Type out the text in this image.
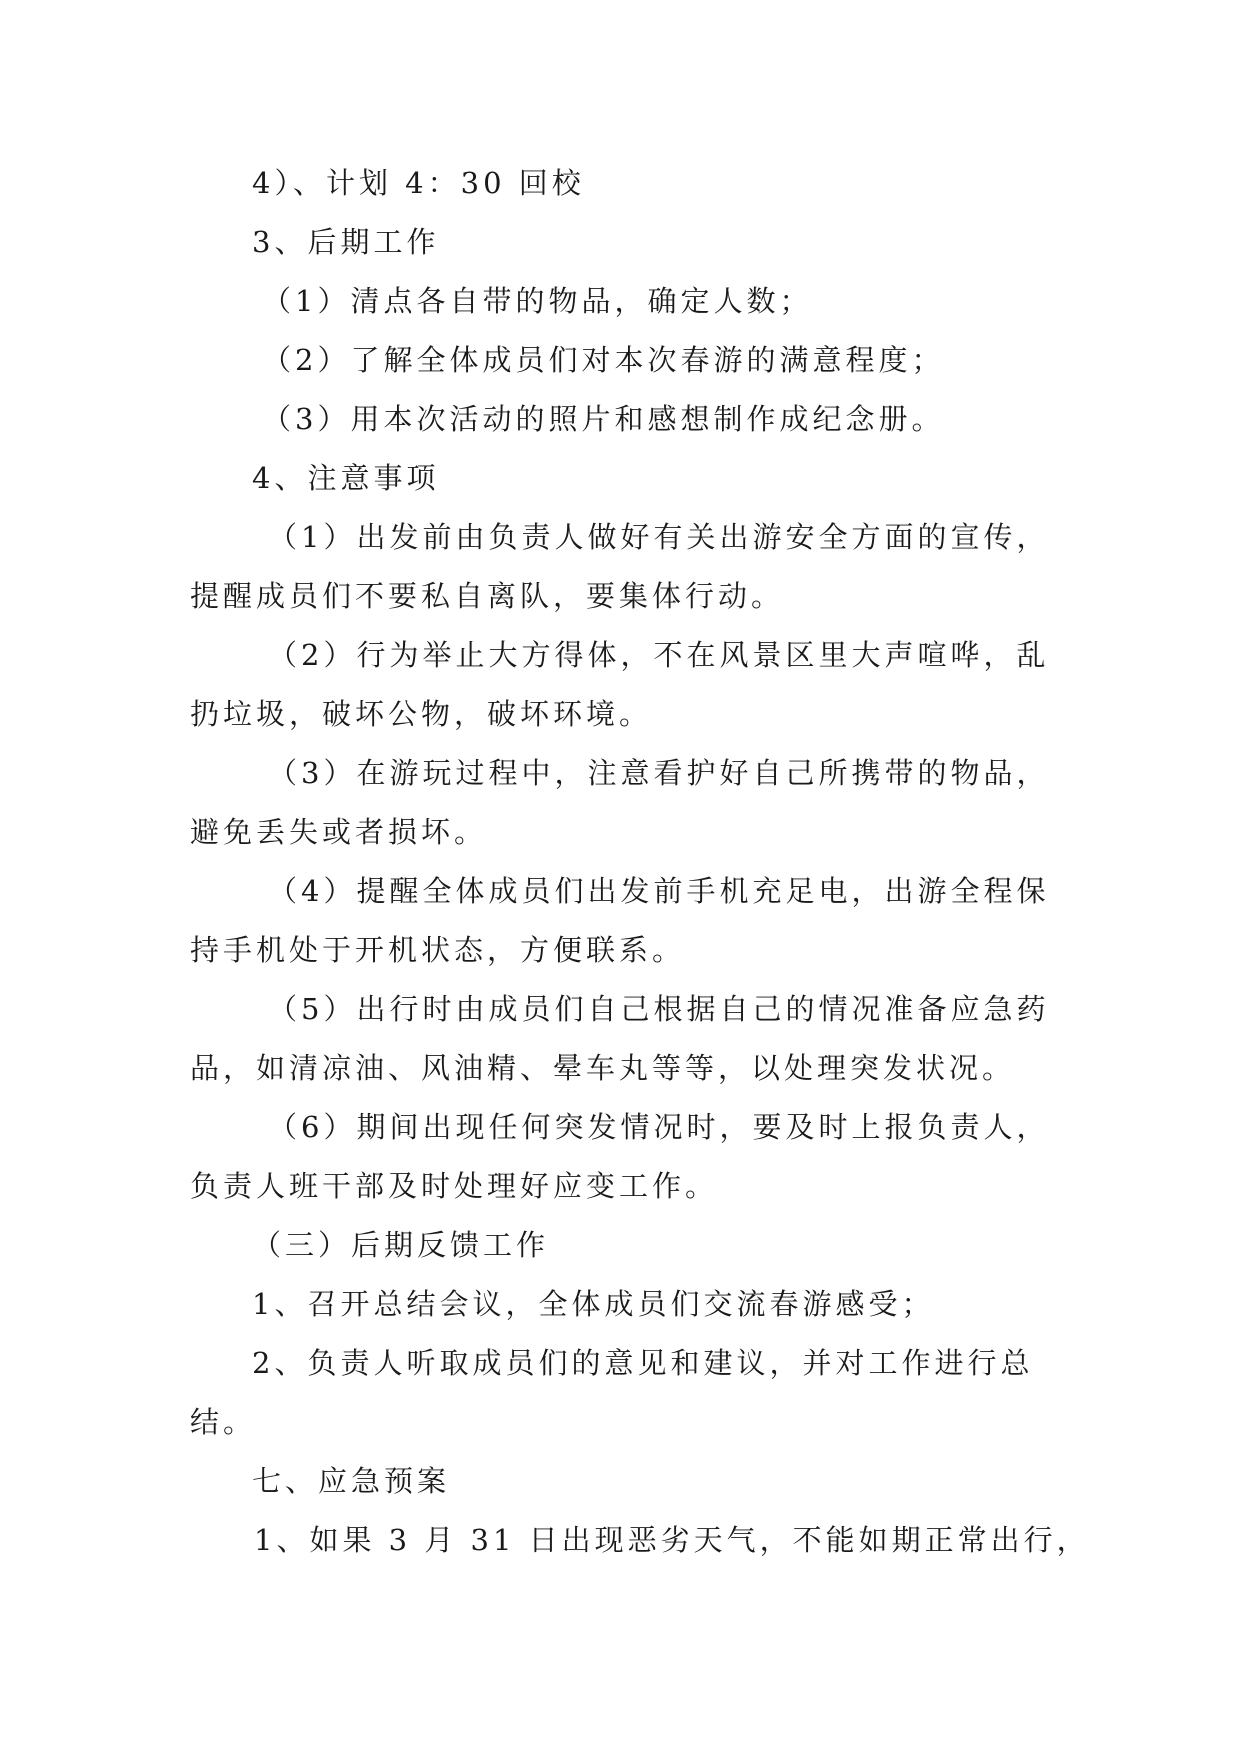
4）、计划 4：30 回校
3、后期工作
（1）清点各自带的物品，确定人数；
（2）了解全体成员们对本次春游的满意程度；
（3）用本次活动的照片和感想制作成纪念册。
4、注意事项
（1）出发前由负责人做好有关出游安全方面的宣传，
提醒成员们不要私自离队，要集体行动。
（2）行为举止大方得体，不在风景区里大声喧哗，乱
扔垃圾，破坏公物，破坏环境。
（3）在游玩过程中，注意看护好自己所携带的物品，
避免丢失或者损坏。
（4）提醒全体成员们出发前手机充足电，出游全程保
持手机处于开机状态，方便联系。
（5）出行时由成员们自己根据自己的情况准备应急药
品，如清凉油、风油精、晕车丸等等，以处理突发状况。
（6）期间出现任何突发情况时，要及时上报负责人，
负责人班干部及时处理好应变工作。
（三）后期反馈工作
1、召开总结会议，全体成员们交流春游感受；
2、负责人听取成员们的意见和建议，并对工作进行总
结。
七、应急预案
1、如果 3 月 31 日出现恶劣天气，不能如期正常出行，
